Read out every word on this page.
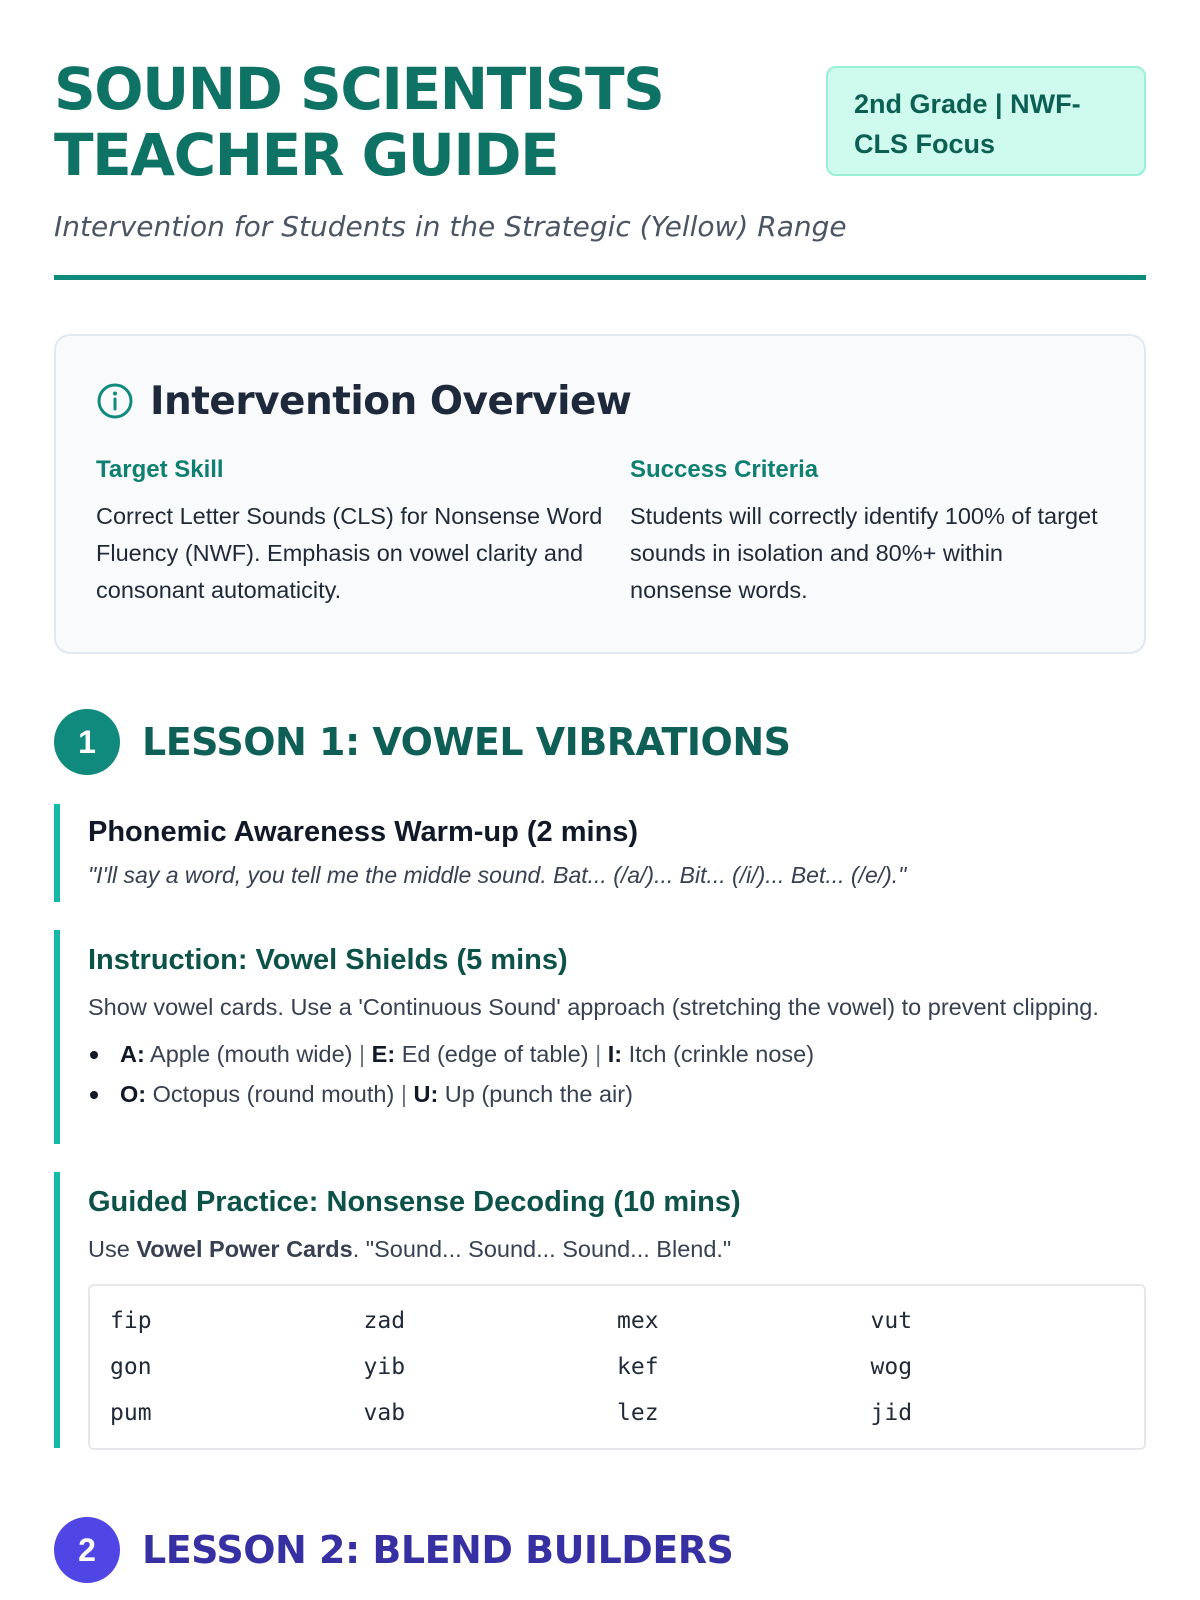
SOUND SCIENTISTS TEACHER GUIDE
2nd Grade | NWF-CLS Focus
Intervention for Students in the Strategic (Yellow) Range
Intervention Overview
Target Skill

Correct Letter Sounds (CLS) for Nonsense Word Fluency (NWF). Emphasis on vowel clarity and consonant automaticity.

Success Criteria

Students will correctly identify 100% of target sounds in isolation and 80%+ within nonsense words.

1	LESSON 1: VOWEL VIBRATIONS
Phonemic Awareness Warm-up (2 mins)

"I'll say a word, you tell me the middle sound. Bat... (/a/)... Bit... (/i/)... Bet... (/e/)."

Instruction: Vowel Shields (5 mins)

Show vowel cards. Use a 'Continuous Sound' approach (stretching the vowel) to prevent clipping.

A: Apple (mouth wide) | E: Ed (edge of table) | I: Itch (crinkle nose)
O: Octopus (round mouth) | U: Up (punch the air)
Guided Practice: Nonsense Decoding (10 mins)

Use Vowel Power Cards. "Sound... Sound... Sound... Blend."

fip	zad	mex	vut
gon	yib	kef	wog
pum	vab	lez	jid
2	LESSON 2: BLEND BUILDERS
